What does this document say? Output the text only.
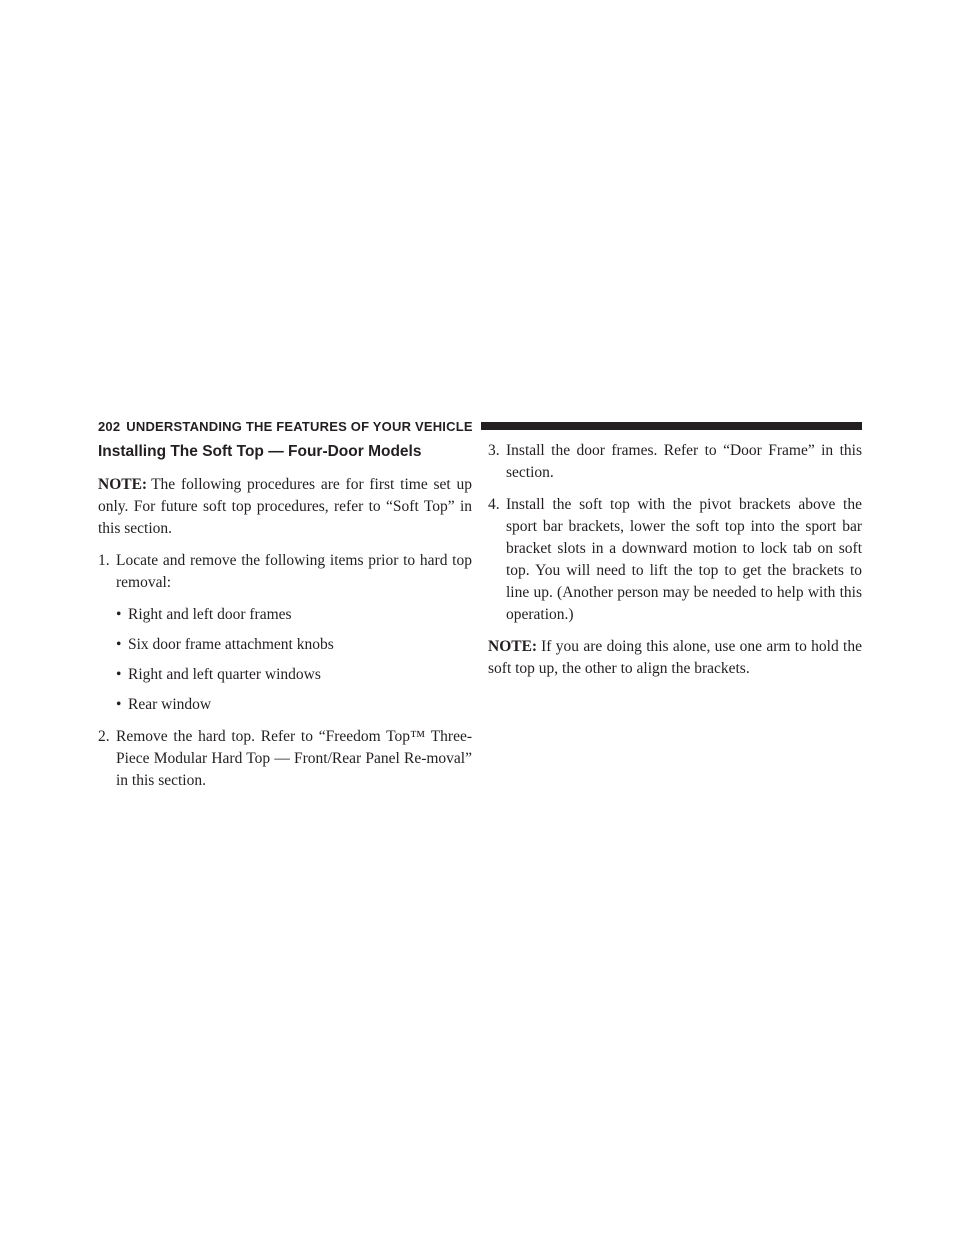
202 UNDERSTANDING THE FEATURES OF YOUR VEHICLE
Installing The Soft Top — Four-Door Models

NOTE: The following procedures are for first time set up only. For future soft top procedures, refer to “Soft Top” in this section.

1. Locate and remove the following items prior to hard top removal:
• Right and left door frames
• Six door frame attachment knobs
• Right and left quarter windows
• Rear window
2. Remove the hard top. Refer to “Freedom Top™ Three-Piece Modular Hard Top — Front/Rear Panel Re-moval” in this section.
3. Install the door frames. Refer to “Door Frame” in this section.
4. Install the soft top with the pivot brackets above the sport bar brackets, lower the soft top into the sport bar bracket slots in a downward motion to lock tab on soft top. You will need to lift the top to get the brackets to line up. (Another person may be needed to help with this operation.)

NOTE: If you are doing this alone, use one arm to hold the soft top up, the other to align the brackets.
